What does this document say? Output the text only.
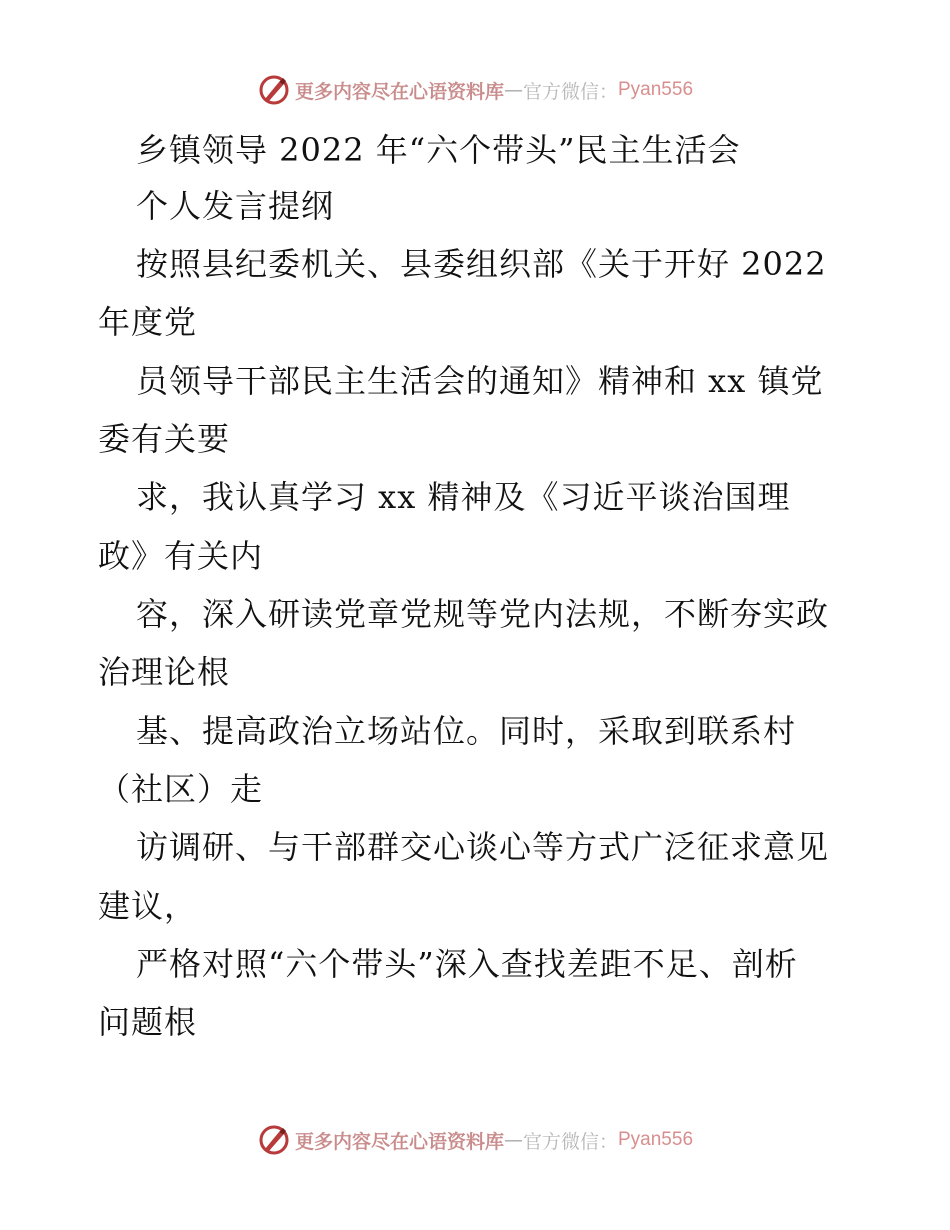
更多内容尽在心语资料库 — 官方微信： Pyan556
乡镇领导 2022 年“六个带头”民主生活会
个人发言提纲
按照县纪委机关、县委组织部《关于开好 2022
年度党
员领导干部民主生活会的通知》精神和 xx 镇党
委有关要
求，我认真学习 xx 精神及《习近平谈治国理
政》有关内
容，深入研读党章党规等党内法规，不断夯实政
治理论根
基、提高政治立场站位。同时，采取到联系村
（社区）走
访调研、与干部群交心谈心等方式广泛征求意见
建议，
严格对照“六个带头”深入查找差距不足、剖析
问题根
更多内容尽在心语资料库 — 官方微信： Pyan556
